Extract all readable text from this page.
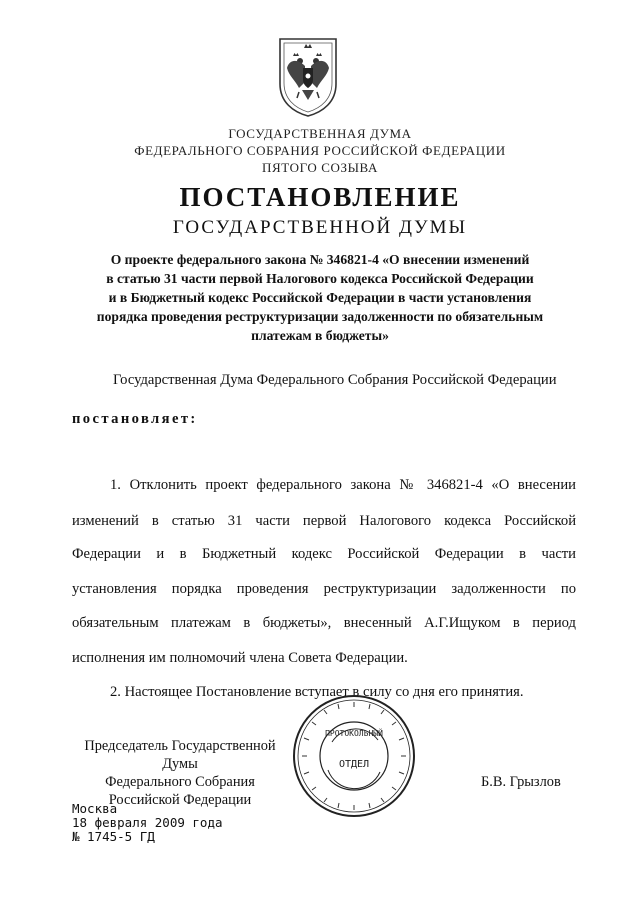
ГОСУДАРСТВЕННАЯ ДУМА
ФЕДЕРАЛЬНОГО СОБРАНИЯ РОССИЙСКОЙ ФЕДЕРАЦИИ
ПЯТОГО СОЗЫВА
ПОСТАНОВЛЕНИЕ
ГОСУДАРСТВЕННОЙ ДУМЫ
О проекте федерального закона № 346821-4 «О внесении изменений
в статью 31 части первой Налогового кодекса Российской Федерации
и в Бюджетный кодекс Российской Федерации в части установления
порядка проведения реструктуризации задолженности по обязательным
платежам в бюджеты»
Государственная Дума Федерального Собрания Российской Федерации
постановляет:
1. Отклонить проект федерального закона № 346821-4 «О внесении
изменений в статью 31 части первой Налогового кодекса Российской
Федерации и в Бюджетный кодекс Российской Федерации в части
установления порядка проведения реструктуризации задолженности по
обязательным платежам в бюджеты», внесенный А.Г.Ищуком в период
исполнения им полномочий члена Совета Федерации.
2. Настоящее Постановление вступает в силу со дня его принятия.
Председатель Государственной Думы
Федерального Собрания
Российской Федерации
Б.В. Грызлов
ОТДЕЛ
ПРОТОКОЛЬНЫЙ
Москва
18 февраля 2009 года
№ 1745-5 ГД
